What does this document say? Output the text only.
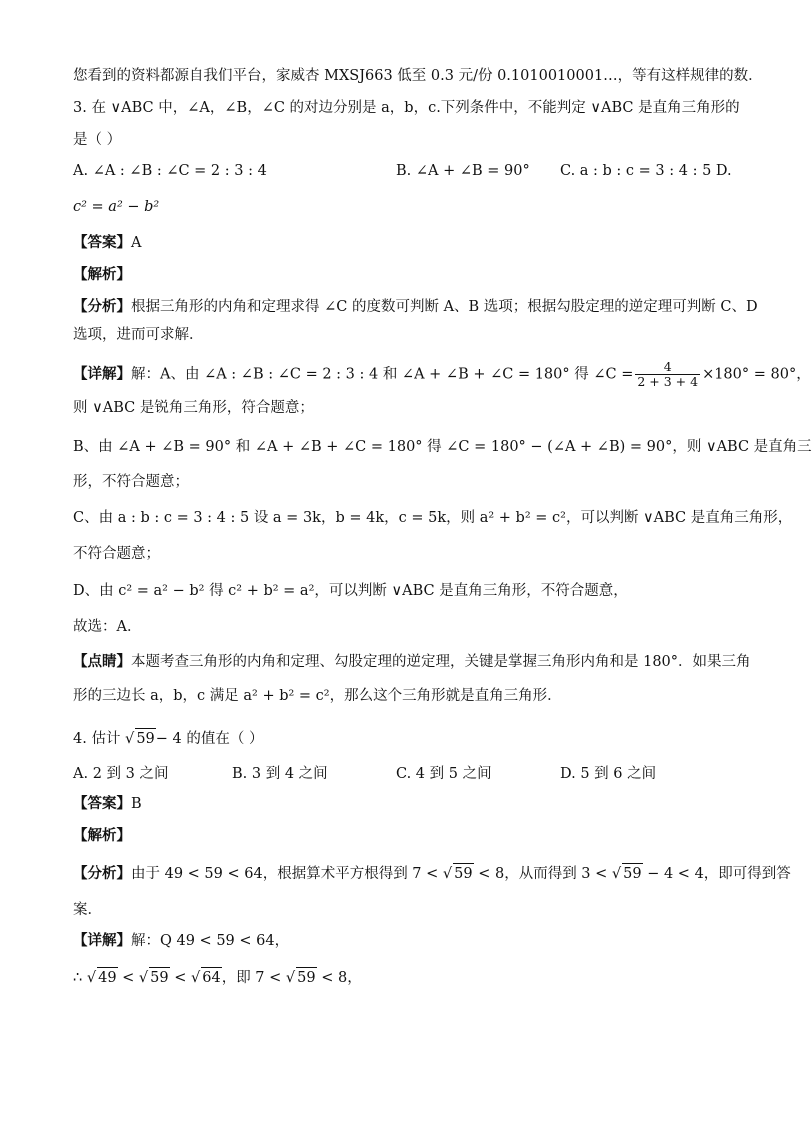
您看到的资料都源自我们平台，家威杏 MXSJ663 低至 0.3 元/份 0.1010010001…，等有这样规律的数．
3. 在 ∨ABC 中，∠A，∠B，∠C 的对边分别是 a，b，c.下列条件中，不能判定 ∨ABC 是直角三角形的
是（ ）
A. ∠A : ∠B : ∠C = 2 : 3 : 4	B. ∠A + ∠B = 90° C. a : b : c = 3 : 4 : 5 D.
c² = a² − b²
【答案】A
【解析】
【分析】根据三角形的内角和定理求得 ∠C 的度数可判断 A、B 选项；根据勾股定理的逆定理可判断 C、D
选项，进而可求解．
【详解】解：A、由 ∠A : ∠B : ∠C = 2 : 3 : 4 和 ∠A + ∠B + ∠C = 180° 得 ∠C = $\frac{4}{2 + 3 + 4} \times 180^\circ = 80^\circ$，
则 ∨ABC 是锐角三角形，符合题意；
B、由 ∠A + ∠B = 90° 和 ∠A + ∠B + ∠C = 180° 得 ∠C = 180° − (∠A + ∠B) = 90°，则 ∨ABC 是直角三
形，不符合题意；
C、由 a : b : c = 3 : 4 : 5 设 a = 3k，b = 4k，c = 5k，则 a² + b² = c²，可以判断 ∨ABC 是直角三角形，
不符合题意；
D、由 c² = a² − b² 得 c² + b² = a²，可以判断 ∨ABC 是直角三角形，不符合题意，
故选：A．
【点睛】本题考查三角形的内角和定理、勾股定理的逆定理，关键是掌握三角形内角和是 180°．如果三角
形的三边长 a，b，c 满足 a² + b² = c²，那么这个三角形就是直角三角形．
4. 估计 √ 59− 4 的值在（ ）
A. 2 到 3 之间	B. 3 到 4 之间	C. 4 到 5 之间	D. 5 到 6 之间
【答案】B
【解析】
【分析】由于 49 < 59 < 64，根据算术平方根得到 7 < √ 59 < 8，从而得到 3 < √ 59 − 4 < 4，即可得到答
案．
【详解】解：Q 49 < 59 < 64，
∴ √ 49 < √ 59 < √ 64，即 7 < √ 59 < 8，
